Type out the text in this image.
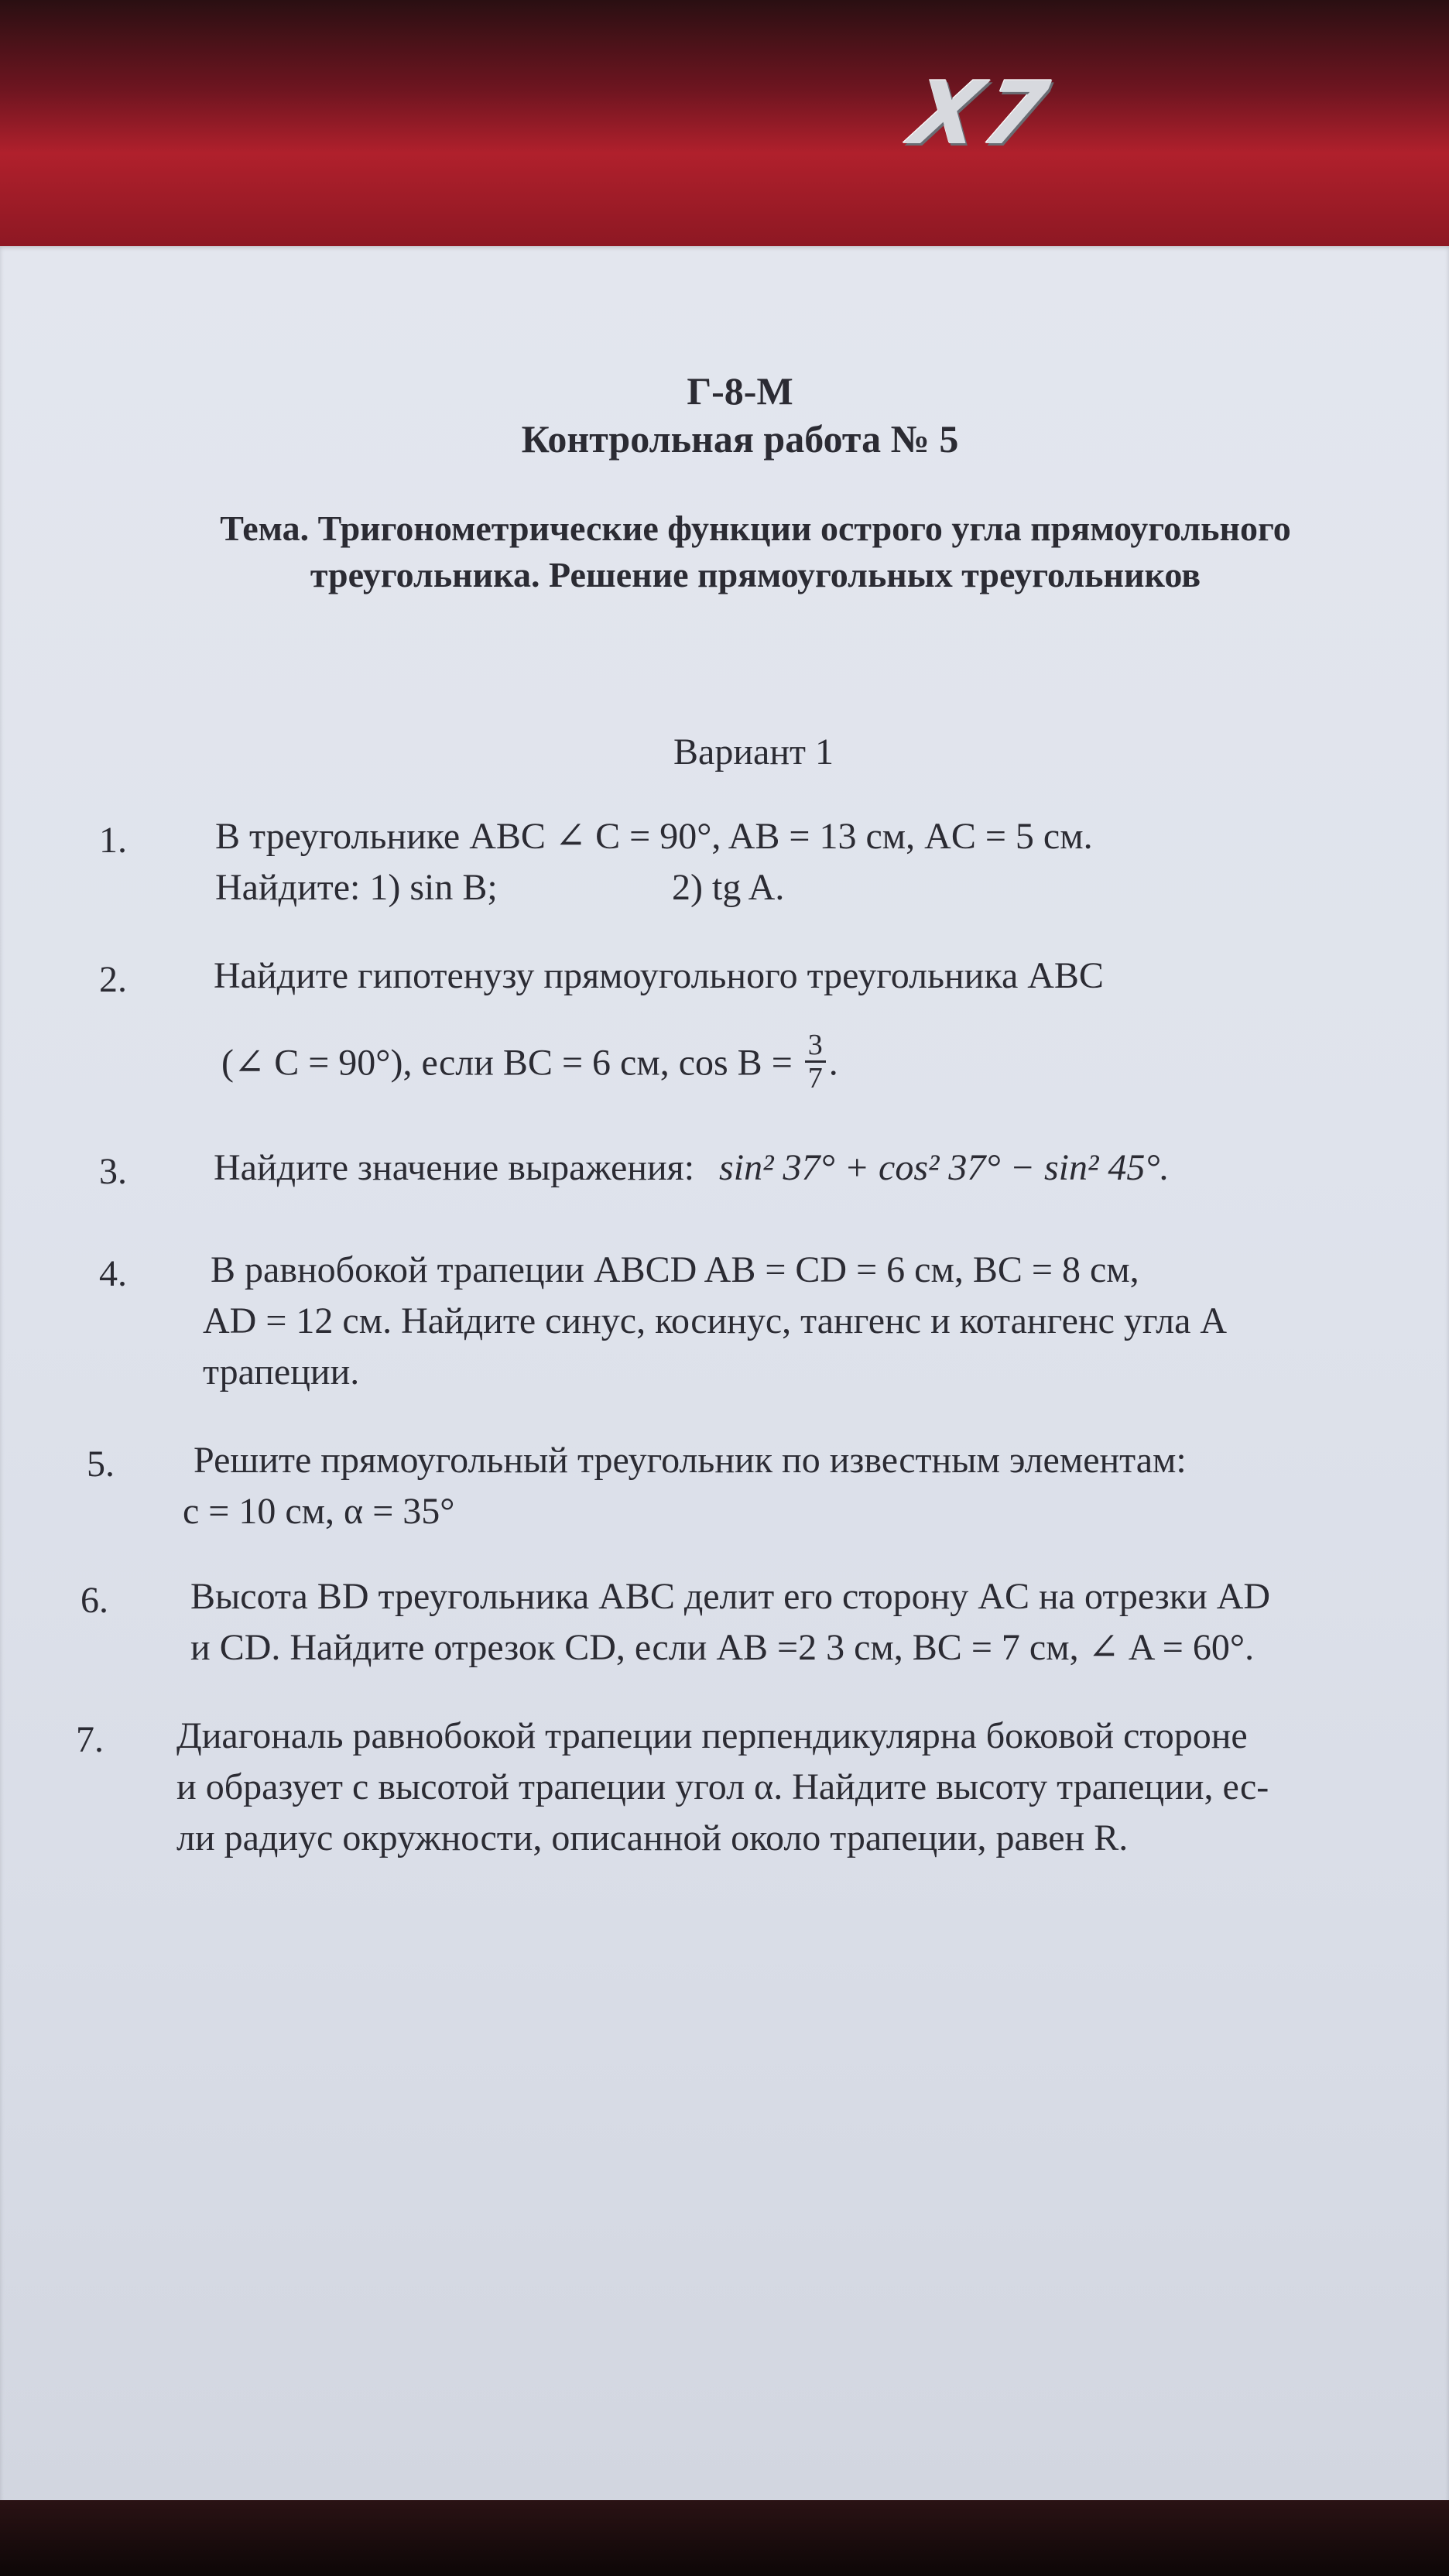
X7
Г-8-М
Контрольная работа № 5
Тема. Тригонометрические функции острого угла прямоугольного
треугольника. Решение прямоугольных треугольников
Вариант 1
1. В треугольнике ABC ∠ C = 90°, AB = 13 см, AC = 5 см.
Найдите: 1) sin B;	2) tg A.
2. Найдите гипотенузу прямоугольного треугольника ABC
(∠ C = 90°), если BC = 6 см, $\cos B = \frac{3}{7}$ .
3. Найдите значение выражения: sin² 37° + cos² 37° − sin² 45°.
4. В равнобокой трапеции ABCD AB = CD = 6 см, BC = 8 см,
AD = 12 см. Найдите синус, косинус, тангенс и котангенс угла A
трапеции.
5. Решите прямоугольный треугольник по известным элементам:
c = 10 см, α = 35°
6. Высота BD треугольника ABC делит его сторону AC на отрезки AD
и CD. Найдите отрезок CD, если AB =2 3 см, BC = 7 см, ∠ A = 60°.
7. Диагональ равнобокой трапеции перпендикулярна боковой стороне
и образует с высотой трапеции угол α. Найдите высоту трапеции, ес-
ли радиус окружности, описанной около трапеции, равен R.
